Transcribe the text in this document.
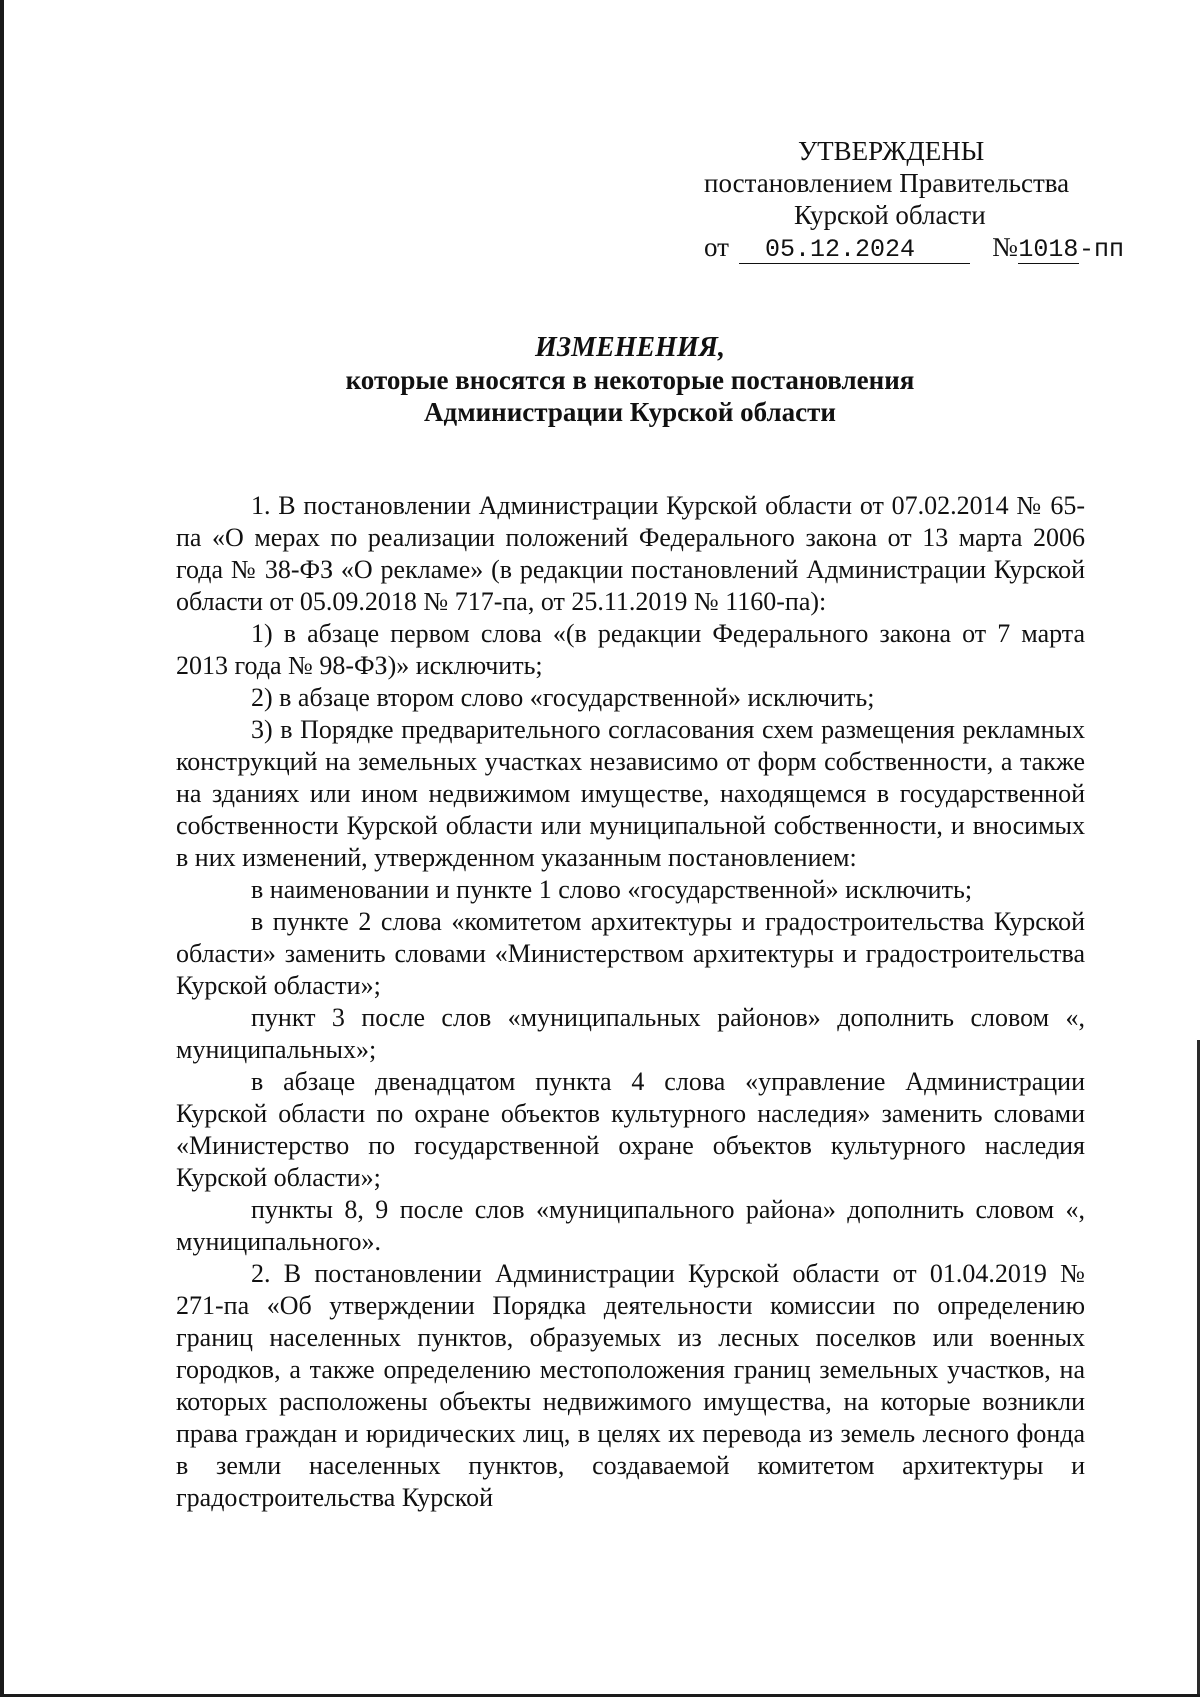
УТВЕРЖДЕНЫ
постановлением Правительства
Курской области
от	05.12.2024	№ 1018 -пп
ИЗМЕНЕНИЯ,
которые вносятся в некоторые постановления
Администрации Курской области

1. В постановлении Администрации Курской области от 07.02.2014 № 65-па «О мерах по реализации положений Федерального закона от 13 марта 2006 года № 38-ФЗ «О рекламе» (в редакции постановлений Администрации Курской области от 05.09.2018 № 717-па, от 25.11.2019 № 1160-па):

1) в абзаце первом слова «(в редакции Федерального закона от 7 марта 2013 года № 98-ФЗ)» исключить;

2) в абзаце втором слово «государственной» исключить;

3) в Порядке предварительного согласования схем размещения рекламных конструкций на земельных участках независимо от форм собственности, а также на зданиях или ином недвижимом имуществе, находящемся в государственной собственности Курской области или муниципальной собственности, и вносимых в них изменений, утвержденном указанным постановлением:

в наименовании и пункте 1 слово «государственной» исключить;

в пункте 2 слова «комитетом архитектуры и градостроительства Курской области» заменить словами «Министерством архитектуры и градостроительства Курской области»;

пункт 3 после слов «муниципальных районов» дополнить словом «, муниципальных»;

в абзаце двенадцатом пункта 4 слова «управление Администрации Курской области по охране объектов культурного наследия» заменить словами «Министерство по государственной охране объектов культурного наследия Курской области»;

пункты 8, 9 после слов «муниципального района» дополнить словом «, муниципального».

2. В постановлении Администрации Курской области от 01.04.2019 № 271-па «Об утверждении Порядка деятельности комиссии по определению границ населенных пунктов, образуемых из лесных поселков или военных городков, а также определению местоположения границ земельных участков, на которых расположены объекты недвижимого имущества, на которые возникли права граждан и юридических лиц, в целях их перевода из земель лесного фонда в земли населенных пунктов, создаваемой комитетом архитектуры и градостроительства Курской
